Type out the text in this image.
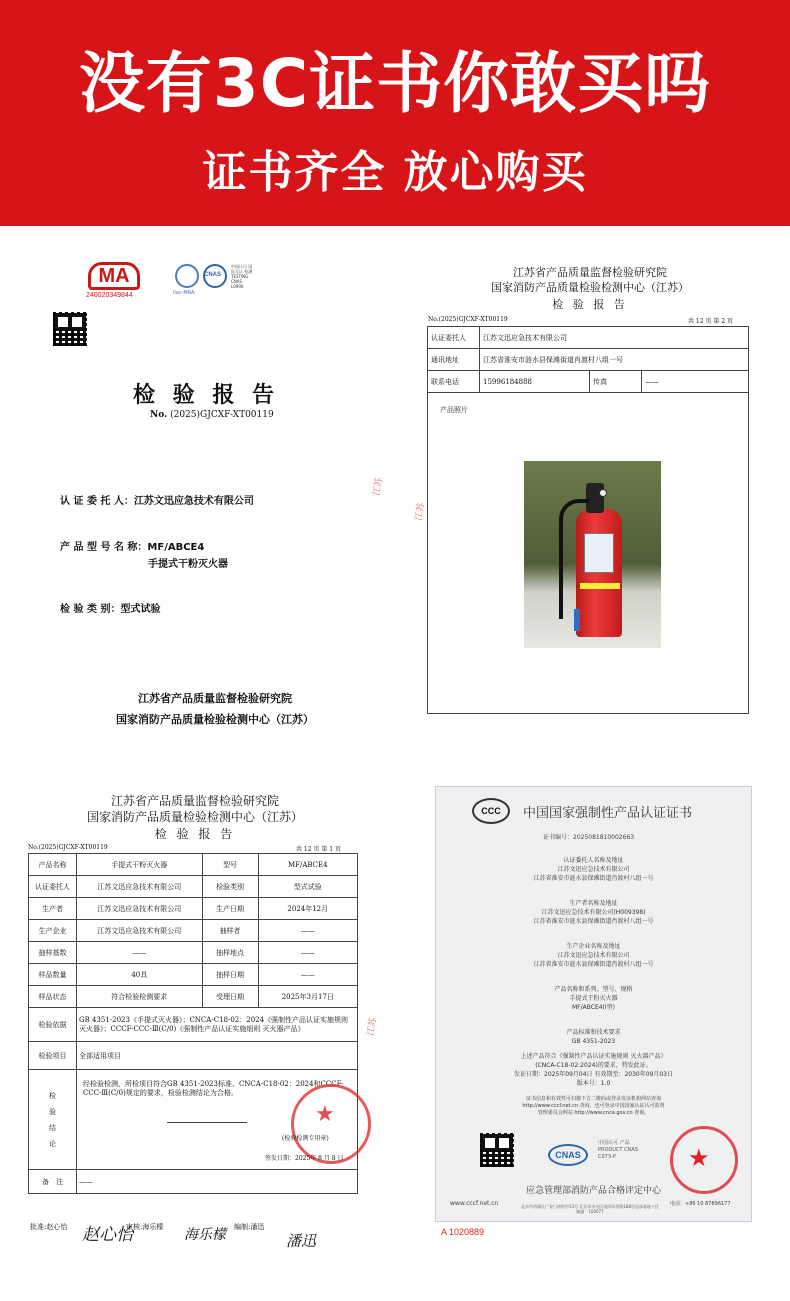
没有3C证书你敢买吗
证书齐全 放心购买
MA
240020349844	ilac-MRA
CNAS
中国认可 国际互认 检测 TESTING CNAS L0990
检 验 报 告
No. (2025)GJCXF-XT00119
认 证 委 托 人：江苏文迅应急技术有限公司
产 品 型 号 名 称：MF/ABCE4
手提式干粉灭火器
检 验 类 别：型式试验
江苏省产品质量监督检验研究院
国家消防产品质量检验检测中心（江苏）
江苏
江苏省产品质量监督检验研究院
国家消防产品质量检验检测中心（江苏）
检 验 报 告
No.(2025)GJCXF-XT00119	共 12 页 第 2 页
认证委托人	江苏文迅应急技术有限公司		
通讯地址	江苏省淮安市涟水县保滩街道肖渡村八组一号		
联系电话	15996184888	传真	——
产品照片
江苏
江苏省产品质量监督检验研究院
国家消防产品质量检验检测中心（江苏）
检 验 报 告
No.(2025)GJCXF-XT00119	共 12 页 第 1 页
产品名称	手提式干粉灭火器	型号	MF/ABCE4
认证委托人	江苏文迅应急技术有限公司	检验类别	型式试验
生产者	江苏文迅应急技术有限公司	生产日期	2024年12月
生产企业	江苏文迅应急技术有限公司	抽样者	——
抽样基数	——	抽样地点	——
样品数量	40具	抽样日期	——
样品状态	符合检验检测要求	受理日期	2025年3月17日
检验依据	GB 4351-2023《手提式灭火器》；CNCA-C18-02：2024《强制性产品认证实施规则 灭火器》；CCCF-CCC-Ⅲ(C/0)《强制性产品认证实施细则 灭火器产品》		
检验项目	全部适用项目		

检 验 结 论	经检验检测，所检项目符合GB 4351-2023标准、CNCA-C18-02：2024和CCCF-CCC-Ⅲ(C/0)规定的要求，检验检测结论为合格。
★
(检验检测专用章)
签发日期：2025年 8 月 8 日		

备　注	——		
批准:赵心怡	审核:海乐檬	编制:潘迅
赵心怡	海乐檬	潘迅
江苏
CCC	中国国家强制性产品认证证书
证书编号：2025081810002663
认证委托人名称及地址
江苏文迅应急技术有限公司
江苏省淮安市涟水县保滩街道肖渡村八组一号
生产者名称及地址
江苏文迅应急技术有限公司(H009398)
江苏省淮安市涟水县保滩街道肖渡村八组一号
生产企业名称及地址
江苏文迅应急技术有限公司
江苏省淮安市涟水县保滩街道肖渡村八组一号
产品名称和系列、型号、规格
手提式干粉灭火器
MF/ABCE4(I型)
产品标准和技术要求
GB 4351-2023
上述产品符合《强制性产品认证实施规则 灭火器产品》
(CNCA-C18-02:2024)的要求，特发此证。
发证日期：2025年09月04日 有效期至：2030年09月03日
版本号：1.0
证书信息和有效性可扫描下方二维码或登录发证机构网站查询
http://www.cccf.net.cn 查询，也可登录中国国家认证认可监督
管理委员会网站 http://www.cnca.gov.cn 查询。
CNAS
中国认可 产品 PRODUCT CNAS C073-P	★
应急管理部消防产品合格评定中心
www.cccf.net.cn	电话：+86 10 87896177
北京市西城区广安门南街甲13号 北京市丰台区南四环西路188号总部基地十区 邮编：100077
A 1020889
